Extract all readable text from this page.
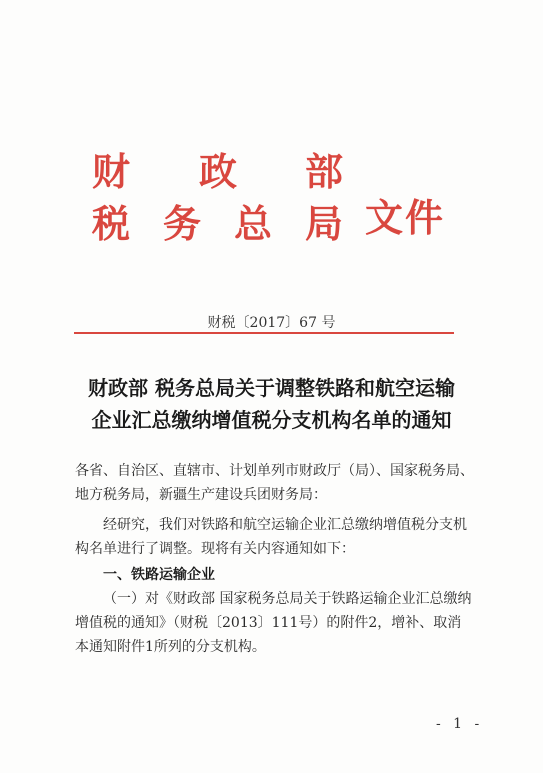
财 政 部
税 务 总 局 文件
财税〔2017〕67 号
财政部 税务总局关于调整铁路和航空运输
企业汇总缴纳增值税分支机构名单的通知
各省、自治区、直辖市、计划单列市财政厅（局）、国家税务局、地方税务局，新疆生产建设兵团财务局：
经研究，我们对铁路和航空运输企业汇总缴纳增值税分支机构名单进行了调整。现将有关内容通知如下：
一、铁路运输企业
（一）对《财政部 国家税务总局关于铁路运输企业汇总缴纳增值税的通知》（财税〔2013〕111号）的附件2，增补、取消本通知附件1所列的分支机构。
- 1 -
